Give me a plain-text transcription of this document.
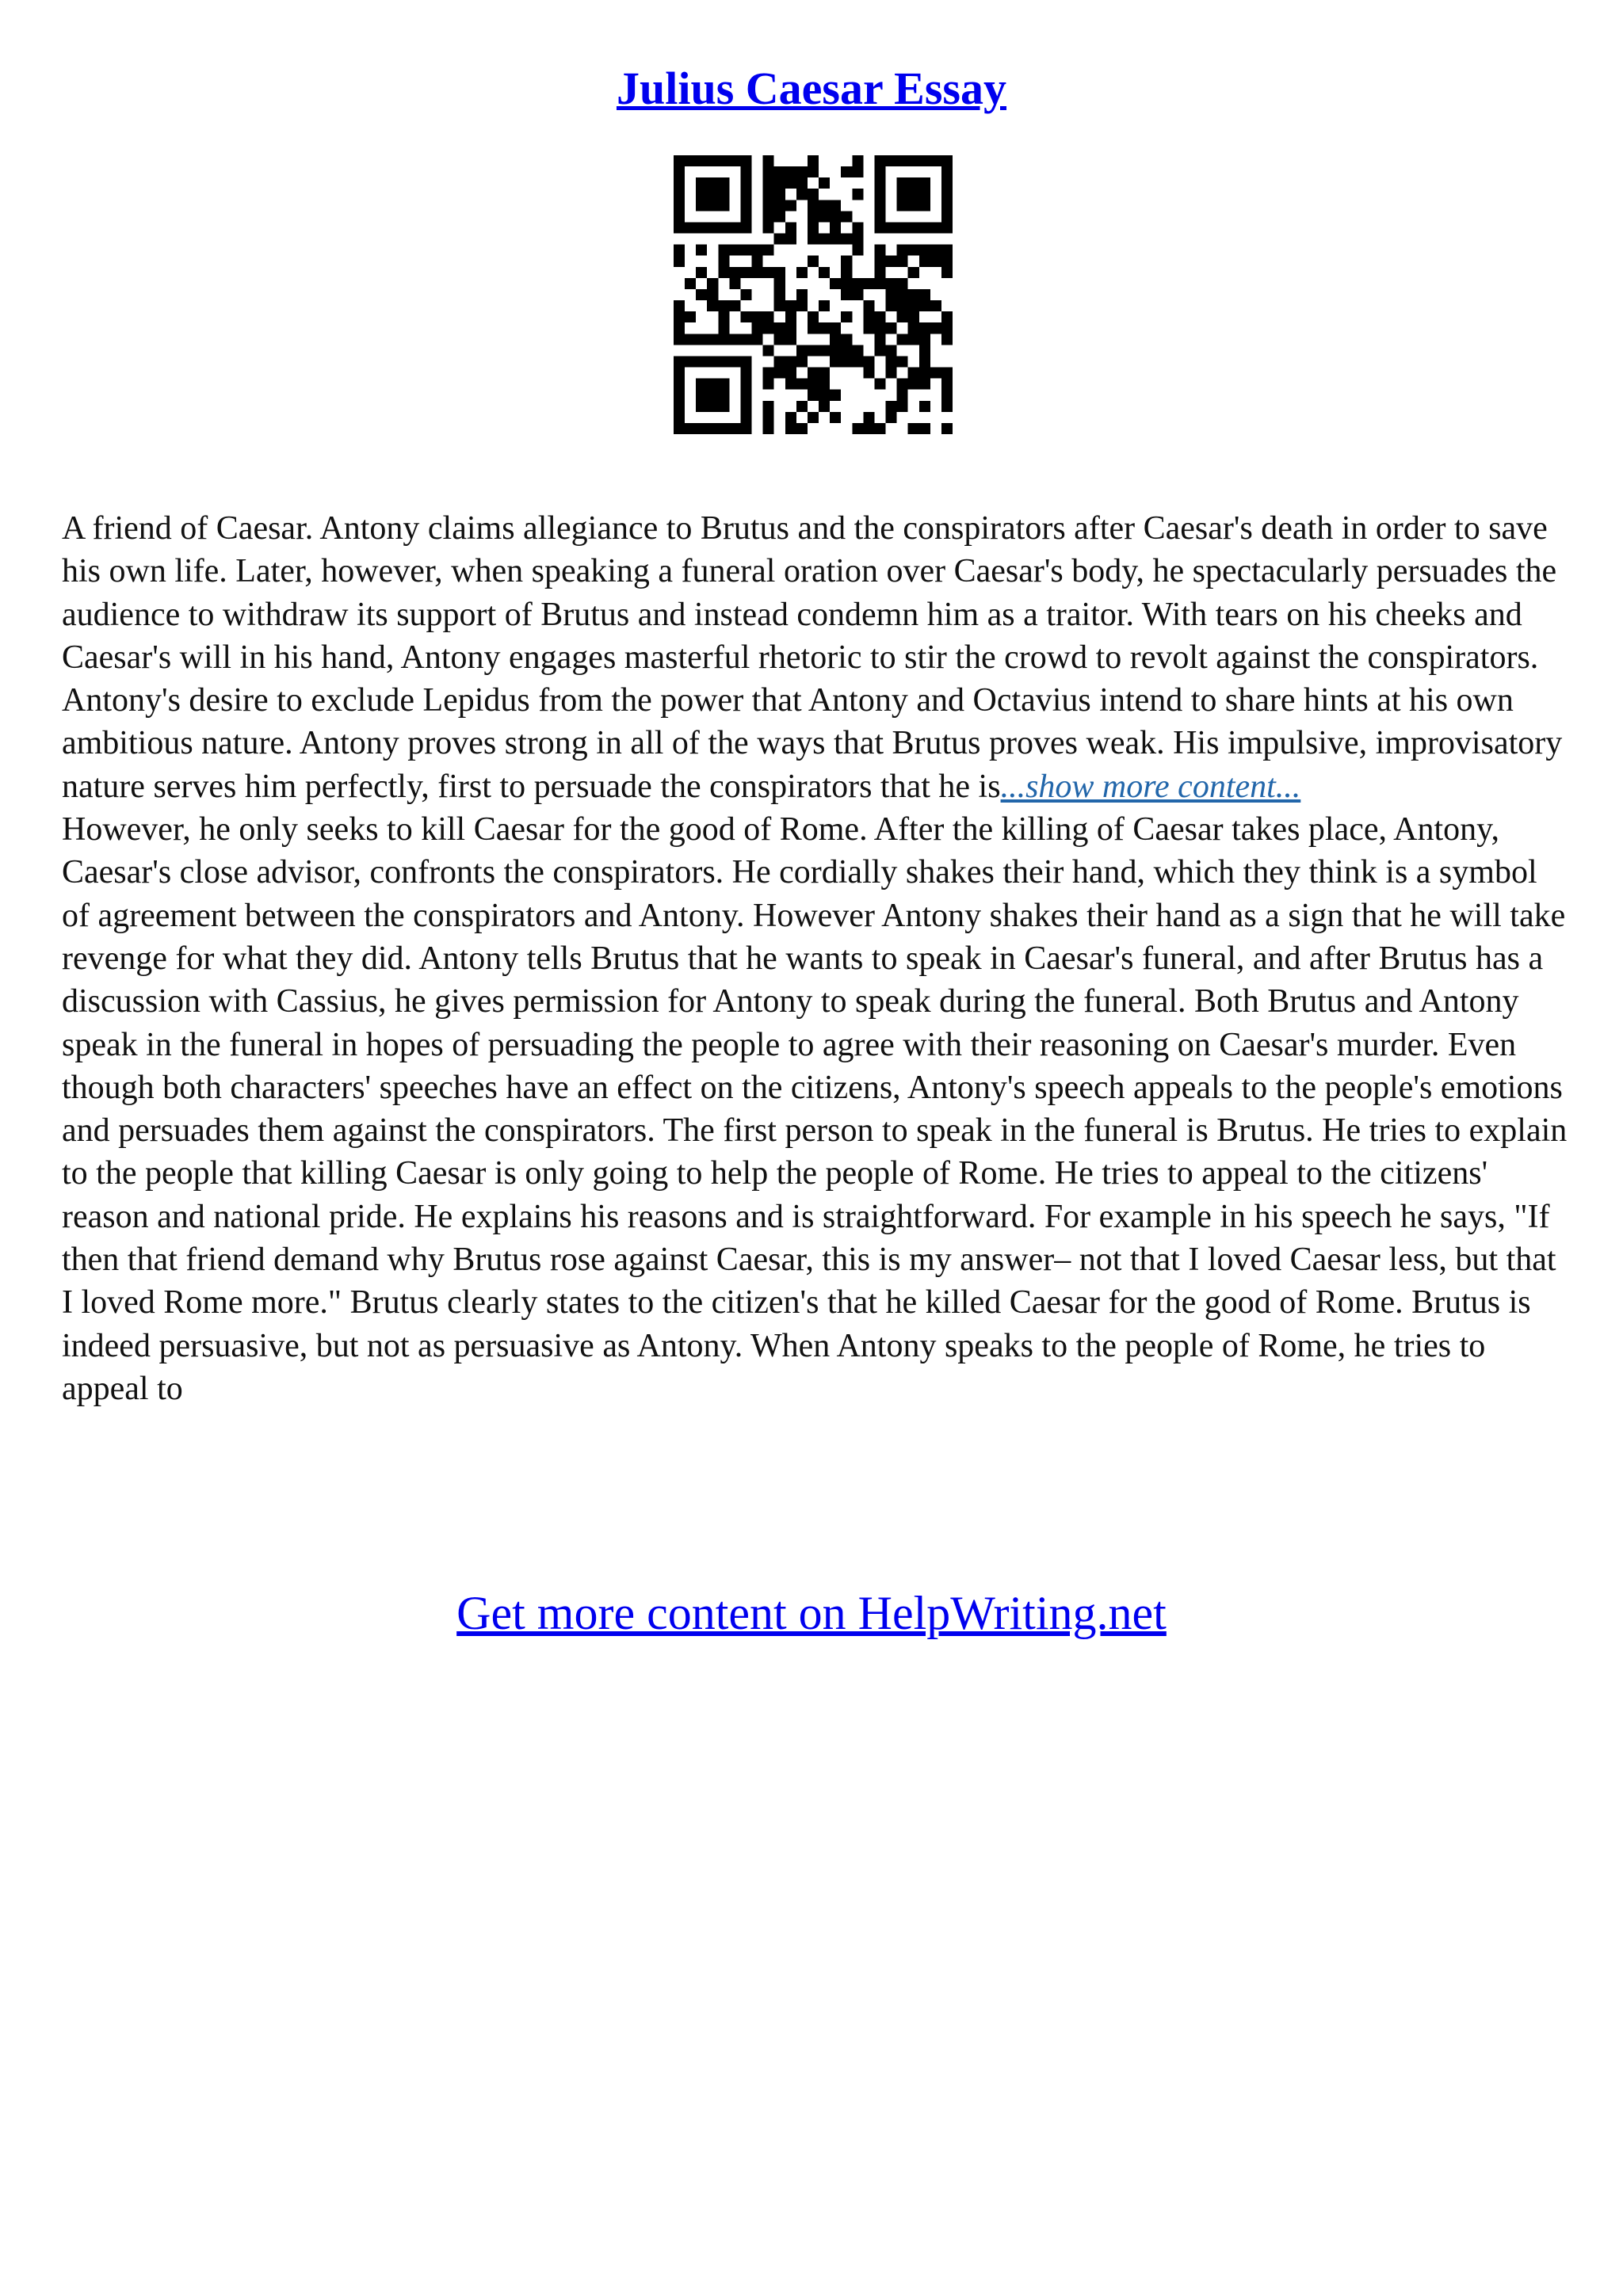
Julius Caesar Essay

A friend of Caesar. Antony claims allegiance to Brutus and the conspirators after Caesar's death in order to save his own life. Later, however, when speaking a funeral oration over Caesar's body, he spectacularly persuades the audience to withdraw its support of Brutus and instead condemn him as a traitor. With tears on his cheeks and Caesar's will in his hand, Antony engages masterful rhetoric to stir the crowd to revolt against the conspirators. Antony's desire to exclude Lepidus from the power that Antony and Octavius intend to share hints at his own ambitious nature. Antony proves strong in all of the ways that Brutus proves weak. His impulsive, improvisatory nature serves him perfectly, first to persuade the conspirators that he is...show more content...
However, he only seeks to kill Caesar for the good of Rome. After the killing of Caesar takes place, Antony, Caesar's close advisor, confronts the conspirators. He cordially shakes their hand, which they think is a symbol of agreement between the conspirators and Antony. However Antony shakes their hand as a sign that he will take revenge for what they did. Antony tells Brutus that he wants to speak in Caesar's funeral, and after Brutus has a discussion with Cassius, he gives permission for Antony to speak during the funeral. Both Brutus and Antony speak in the funeral in hopes of persuading the people to agree with their reasoning on Caesar's murder. Even though both characters' speeches have an effect on the citizens, Antony's speech appeals to the people's emotions and persuades them against the conspirators. The first person to speak in the funeral is Brutus. He tries to explain to the people that killing Caesar is only going to help the people of Rome. He tries to appeal to the citizens' reason and national pride. He explains his reasons and is straightforward. For example in his speech he says, "If then that friend demand why Brutus rose against Caesar, this is my answer– not that I loved Caesar less, but that I loved Rome more." Brutus clearly states to the citizen's that he killed Caesar for the good of Rome. Brutus is indeed persuasive, but not as persuasive as Antony. When Antony speaks to the people of Rome, he tries to appeal to

Get more content on HelpWriting.net
